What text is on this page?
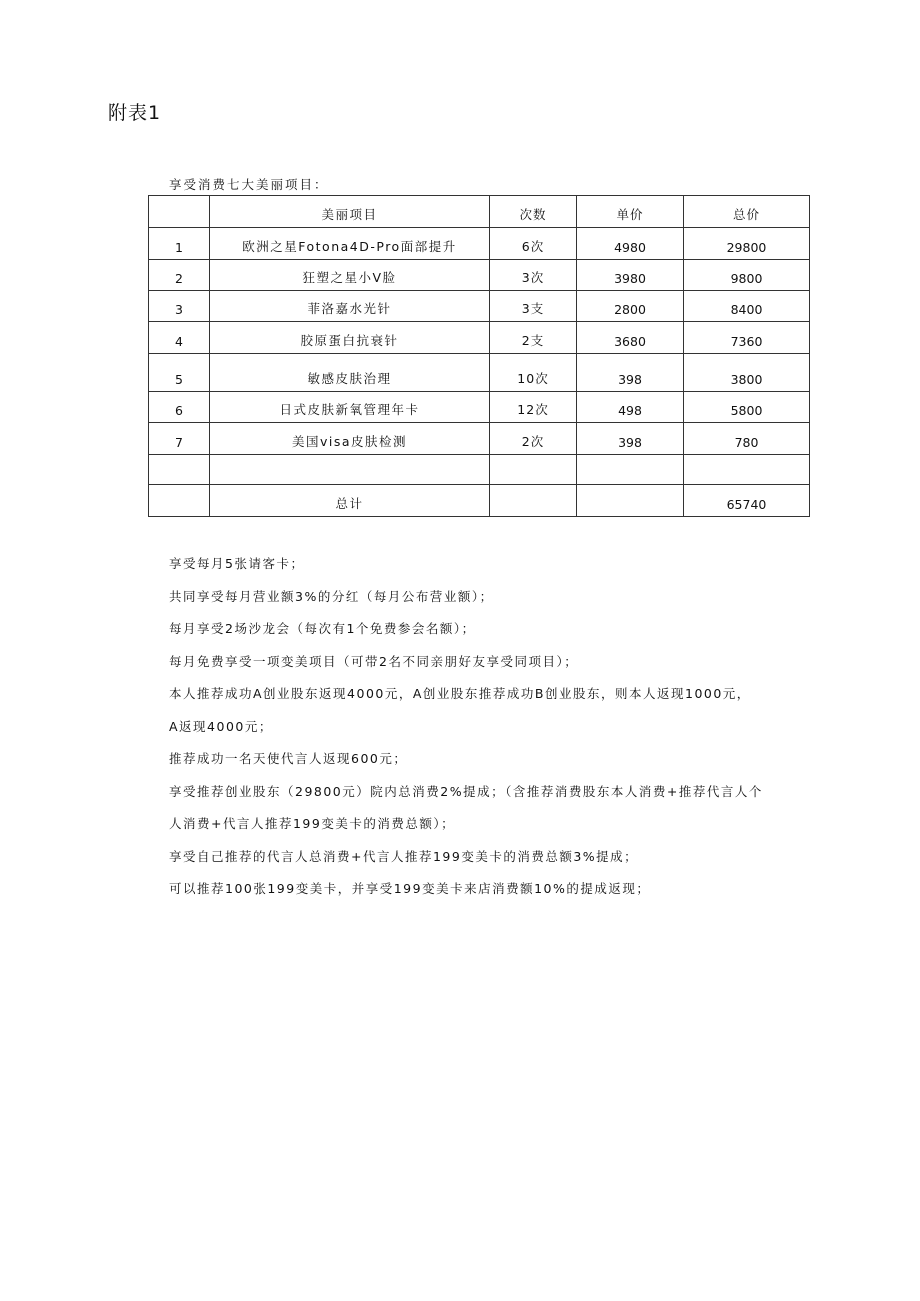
附表1
享受消费七大美丽项目：
	美丽项目	次数	单价	总价
1	欧洲之星Fotona4D-Pro面部提升	6次	4980	29800
2	狂塑之星小V脸	3次	3980	9800
3	菲洛嘉水光针	3支	2800	8400
4	胶原蛋白抗衰针	2支	3680	7360
5	敏感皮肤治理	10次	398	3800
6	日式皮肤新氧管理年卡	12次	498	5800
7	美国visa皮肤检测	2次	398	780

	总计			65740
享受每月5张请客卡；
共同享受每月营业额3%的分红（每月公布营业额）；
每月享受2场沙龙会（每次有1个免费参会名额）；
每月免费享受一项变美项目（可带2名不同亲朋好友享受同项目）；
本人推荐成功A创业股东返现4000元，A创业股东推荐成功B创业股东，则本人返现1000元，
A返现4000元；
推荐成功一名天使代言人返现600元；
享受推荐创业股东（29800元）院内总消费2%提成；（含推荐消费股东本人消费+推荐代言人个
人消费+代言人推荐199变美卡的消费总额）；
享受自己推荐的代言人总消费+代言人推荐199变美卡的消费总额3%提成；
可以推荐100张199变美卡，并享受199变美卡来店消费额10%的提成返现；
